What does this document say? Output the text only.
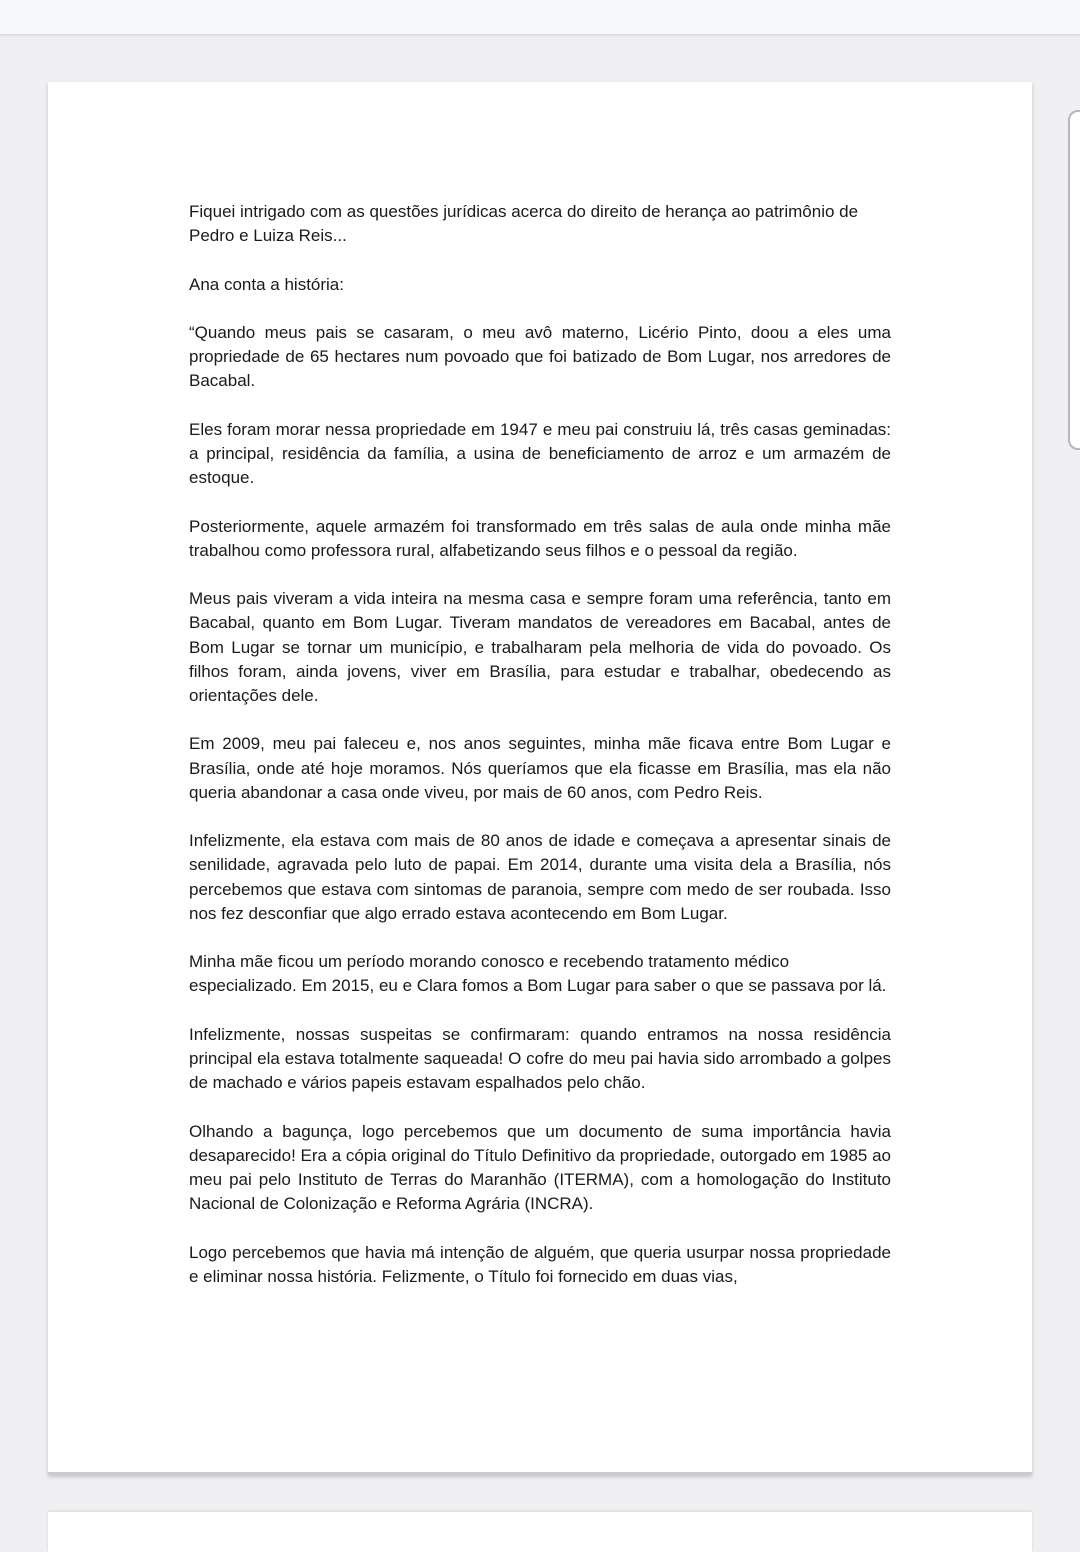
Fiquei intrigado com as questões jurídicas acerca do direito de herança ao patrimônio de Pedro e Luiza Reis...

Ana conta a história:

“Quando meus pais se casaram, o meu avô materno, Licério Pinto, doou a eles uma propriedade de 65 hectares num povoado que foi batizado de Bom Lugar, nos arredores de Bacabal.

Eles foram morar nessa propriedade em 1947 e meu pai construiu lá, três casas geminadas: a principal, residência da família, a usina de beneficiamento de arroz e um armazém de estoque.

Posteriormente, aquele armazém foi transformado em três salas de aula onde minha mãe trabalhou como professora rural, alfabetizando seus filhos e o pessoal da região.

Meus pais viveram a vida inteira na mesma casa e sempre foram uma referência, tanto em Bacabal, quanto em Bom Lugar. Tiveram mandatos de vereadores em Bacabal, antes de Bom Lugar se tornar um município, e trabalharam pela melhoria de vida do povoado. Os filhos foram, ainda jovens, viver em Brasília, para estudar e trabalhar, obedecendo as orientações dele.

Em 2009, meu pai faleceu e, nos anos seguintes, minha mãe ficava entre Bom Lugar e Brasília, onde até hoje moramos. Nós queríamos que ela ficasse em Brasília, mas ela não queria abandonar a casa onde viveu, por mais de 60 anos, com Pedro Reis.

Infelizmente, ela estava com mais de 80 anos de idade e começava a apresentar sinais de senilidade, agravada pelo luto de papai. Em 2014, durante uma visita dela a Brasília, nós percebemos que estava com sintomas de paranoia, sempre com medo de ser roubada. Isso nos fez desconfiar que algo errado estava acontecendo em Bom Lugar.

Minha mãe ficou um período morando conosco e recebendo tratamento médico especializado. Em 2015, eu e Clara fomos a Bom Lugar para saber o que se passava por lá.

Infelizmente, nossas suspeitas se confirmaram: quando entramos na nossa residência principal ela estava totalmente saqueada! O cofre do meu pai havia sido arrombado a golpes de machado e vários papeis estavam espalhados pelo chão.

Olhando a bagunça, logo percebemos que um documento de suma importância havia desaparecido! Era a cópia original do Título Definitivo da propriedade, outorgado em 1985 ao meu pai pelo Instituto de Terras do Maranhão (ITERMA), com a homologação do Instituto Nacional de Colonização e Reforma Agrária (INCRA).

Logo percebemos que havia má intenção de alguém, que queria usurpar nossa propriedade e eliminar nossa história. Felizmente, o Título foi fornecido em duas vias,
